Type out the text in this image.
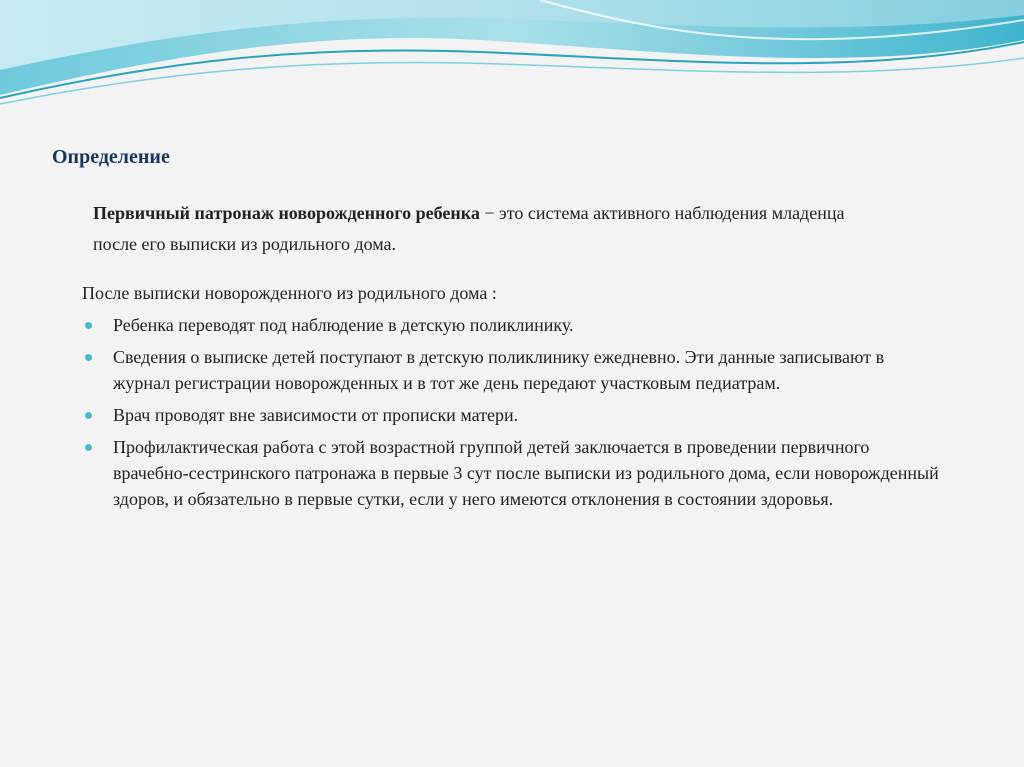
Определение
Первичный патронаж новорожденного ребенка − это система активного наблюдения младенца после его выписки из родильного дома.
После выписки новорожденного из родильного дома :
Ребенка переводят под наблюдение в детскую поликлинику.
Сведения о выписке детей поступают в детскую поликлинику ежедневно. Эти данные записывают в журнал регистрации новорожденных и в тот же день передают участковым педиатрам.
Врач проводят вне зависимости от прописки матери.
Профилактическая работа с этой возрастной группой детей заключается в проведении первичного врачебно-сестринского патронажа в первые 3 сут после выписки из родильного дома, если новорожденный здоров, и обязательно в первые сутки, если у него имеются отклонения в состоянии здоровья.
